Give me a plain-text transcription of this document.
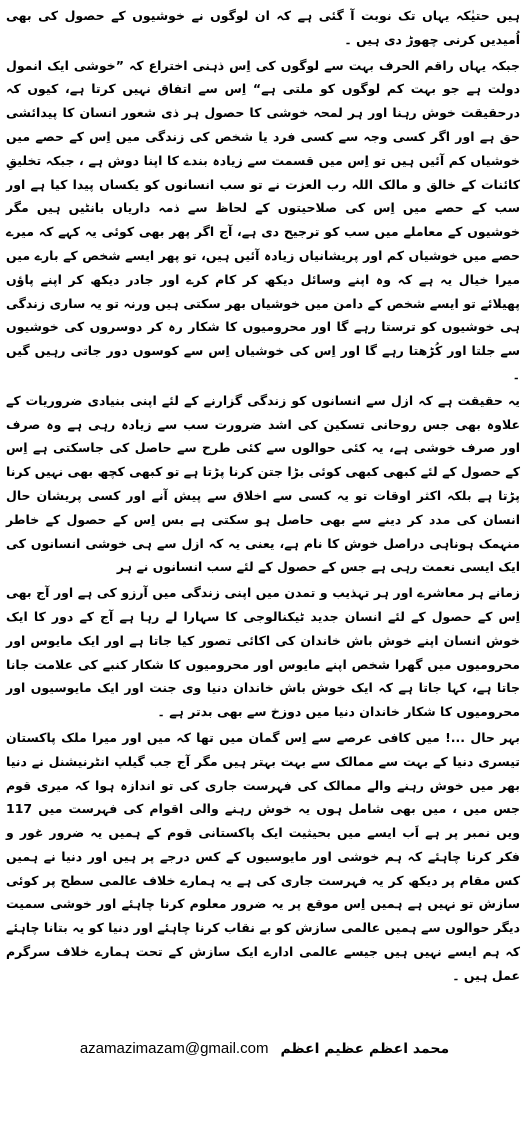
ہیں حتیٰکہ یہاں تک نوبت آ گئی ہے کہ ان لوگوں نے خوشیوں کے حصول کی بھی اُمیدیں کرنی چھوڑ دی ہیں ۔

جبکہ یہاں راقم الحرف بہت سے لوگوں کی اِس ذہنی اختراع کہ ”خوشی ایک انمول دولت ہے جو بہت کم لوگوں کو ملتی ہے“ اِس سے اتفاق نہیں کرتا ہے، کیوں کہ درحقیقت خوش رہنا اور ہر لمحہ خوشی کا حصول ہر ذی شعور انسان کا پیدائشی حق ہے اور اگر کسی وجہ سے کسی فرد یا شخص کی زندگی میں اِس کے حصے میں خوشیاں کم آئیں ہیں تو اِس میں قسمت سے زیادہ بندے کا اپنا دوش ہے ، جبکہ تخلیقِ کائنات کے خالق و مالک اللہ رب العزت نے تو سب انسانوں کو یکساں پیدا کیا ہے اور سب کے حصے میں اِس کی صلاحیتوں کے لحاظ سے ذمہ داریاں بانٹیں ہیں مگر خوشیوں کے معاملے میں سب کو ترجیح دی ہے، آج اگر پھر بھی کوئی یہ کہے کہ میرے حصے میں خوشیاں کم اور پریشانیاں زیادہ آئیں ہیں، تو پھر ایسے شخص کے بارے میں میرا خیال یہ ہے کہ وہ اپنے وسائل دیکھ کر کام کرے اور جادر دیکھ کر اپنے پاؤں پھیلائے تو ایسے شخص کے دامن میں خوشیاں بھر سکتی ہیں ورنہ تو یہ ساری زندگی ہی خوشیوں کو ترستا رہے گا اور محرومیوں کا شکار رہ کر دوسروں کی خوشیوں سے جلتا اور کُڑھتا رہے گا اور اِس کی خوشیاں اِس سے کوسوں دور جاتی رہیں گیں ۔

یہ حقیقت ہے کہ ازل سے انسانوں کو زندگی گزارنے کے لئے اپنی بنیادی ضروریات کے علاوہ بھی جس روحانی تسکین کی اشد ضرورت سب سے زیادہ رہی ہے وہ صرف اور صرف خوشی ہے، یہ کئی حوالوں سے کئی طرح سے حاصل کی جاسکتی ہے اِس کے حصول کے لئے کبھی کبھی کوئی بڑا جتن کرنا پڑتا ہے تو کبھی کچھ بھی نہیں کرنا پڑتا ہے بلکہ اکثر اوقات تو یہ کسی سے اخلاق سے پیش آنے اور کسی پریشان حال انسان کی مدد کر دینے سے بھی حاصل ہو سکتی ہے بس اِس کے حصول کے خاطر منہمک ہوناہی دراصل خوش کا نام ہے، یعنی یہ کہ ازل سے ہی خوشی انسانوں کی ایک ایسی نعمت رہی ہے جس کے حصول کے لئے سب انسانوں نے ہر

زمانے ہر معاشرے اور ہر تہذیب و تمدن میں اپنی زندگی میں آرزو کی ہے اور آج بھی اِس کے حصول کے لئے انسان جدید ٹیکنالوجی کا سہارا لے رہا ہے آج کے دور کا ایک خوش انسان اپنے خوش باش خاندان کی اکائی تصور کیا جاتا ہے اور ایک مایوس اور محرومیوں میں گھرا شخص اپنے مایوس اور محرومیوں کا شکار کنبے کی علامت جانا جاتا ہے، کہا جاتا ہے کہ ایک خوش باش خاندان دنیا وی جنت اور ایک مایوسیوں اور محرومیوں کا شکار خاندان دنیا میں دوزخ سے بھی بدتر ہے ۔

بہر حال ...! میں کافی عرصے سے اِس گمان میں تھا کہ میں اور میرا ملک پاکستان تیسری دنیا کے بہت سے ممالک سے بہت بہتر ہیں مگر آج جب گیلپ انٹرنیشنل نے دنیا بھر میں خوش رہنے والے ممالک کی فہرست جاری کی تو اندازہ ہوا کہ میری قوم جس میں ، میں بھی شامل ہوں یہ خوش رہنے والی اقوام کی فہرست میں 117 ویں نمبر پر ہے اَب ایسے میں بحیثیت ایک پاکستانی قوم کے ہمیں یہ ضرور غور و فکر کرنا چاہئے کہ ہم خوشی اور مایوسیوں کے کس درجے پر ہیں اور دنیا نے ہمیں کس مقام پر دیکھ کر یہ فہرست جاری کی ہے یہ ہمارے خلاف عالمی سطح پر کوئی سازش تو نہیں ہے ہمیں اِس موقع پر یہ ضرور معلوم کرنا چاہئے اور خوشی سمیت دیگر حوالوں سے ہمیں عالمی سازش کو بے نقاب کرنا چاہئے اور دنیا کو یہ بتانا چاہئے کہ ہم ایسے نہیں ہیں جیسے عالمی ادارے ایک سازش کے تحت ہمارے خلاف سرگرم عمل ہیں ۔

azamazimazam@gmail.com محمد اعظم عظیم اعظم
